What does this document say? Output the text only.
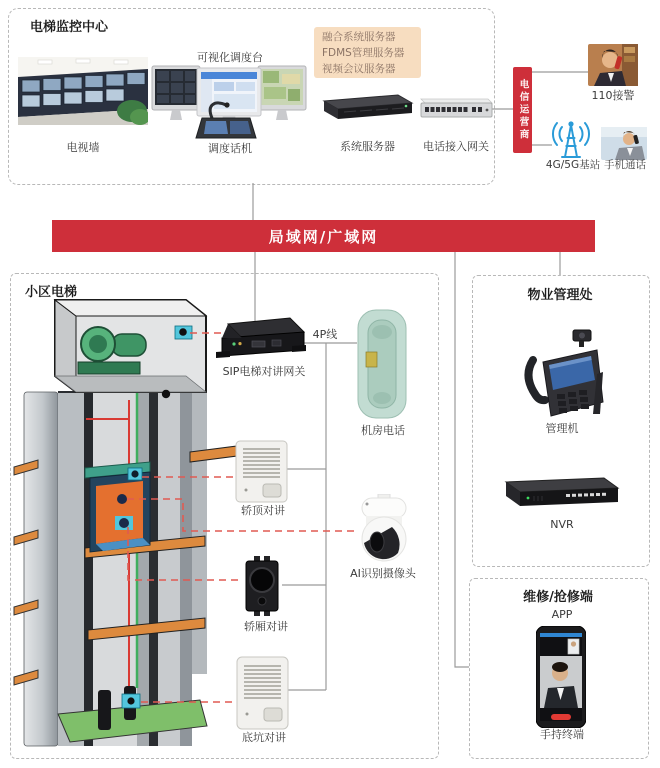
局域网/广域网
电梯监控中心
电视墙
可视化调度台
调度话机
融合系统服务器
FDMS管理服务器
视频会议服务器
系统服务器	电话接入网关
电信运营商	110接警
4G/5G基站 手机通话
小区电梯
SIP电梯对讲网关
4P线
机房电话
轿顶对讲
AI识别摄像头
轿厢对讲
底坑对讲
物业管理处
管理机
NVR
维修/抢修端
APP
手持终端
